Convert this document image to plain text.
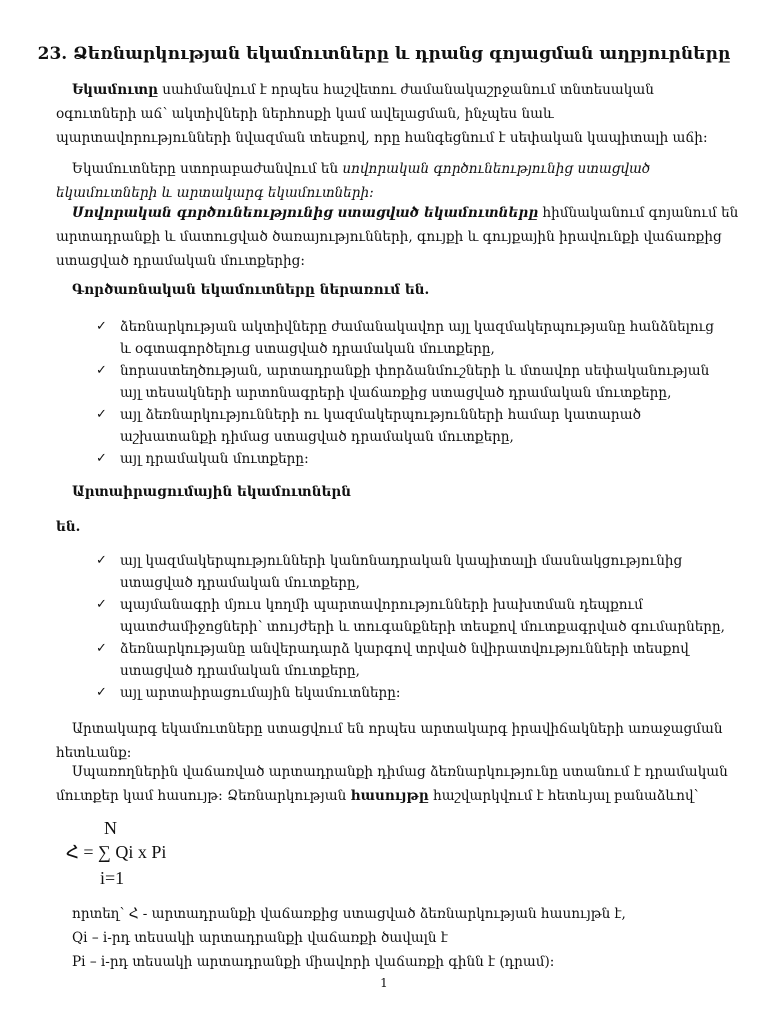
23. Ձեռնարկության եկամուտները և դրանց գոյացման աղբյուրները
Եկամուտը սահմանվում է որպես հաշվետու ժամանակաշրջանում տնտեսական
օգուտների աճ՝ ակտիվների ներհոսքի կամ ավելացման, ինչպես նաև
պարտավորությունների նվազման տեսքով, որը հանգեցնում է սեփական կապիտալի աճի:
Եկամուտները ստորաբաժանվում են սովորական գործունեությունից ստացված
եկամուտների և արտակարգ եկամուտների:
Սովորական գործունեությունից ստացված եկամուտները հիմնականում գոյանում են
արտադրանքի և մատուցված ծառայությունների, գույքի և գույքային իրավունքի վաճառքից
ստացված դրամական մուտքերից:
Գործառնական եկամուտները ներառում են.
✓ ձեռնարկության ակտիվները ժամանակավոր այլ կազմակերպությանը հանձնելուց
և օգտագործելուց ստացված դրամական մուտքերը,
✓ նորաստեղծության, արտադրանքի փորձանմուշների և մտավոր սեփականության
այլ տեսակների արտոնագրերի վաճառքից ստացված դրամական մուտքերը,
✓ այլ ձեռնարկությունների ու կազմակերպությունների համար կատարած
աշխատանքի դիմաց ստացված դրամական մուտքերը,
✓ այլ դրամական մուտքերը:
Արտաիրացումային եկամուտներն
են.
✓ այլ կազմակերպությունների կանոնադրական կապիտալի մասնակցությունից
ստացված դրամական մուտքերը,
✓ պայմանագրի մյուս կողմի պարտավորությունների խախտման դեպքում
պատժամիջոցների՝ տույժերի և տուգանքների տեսքով մուտքագրված գումարները,
✓ ձեռնարկությանը անվերադարձ կարգով տրված նվիրատվությունների տեսքով
ստացված դրամական մուտքերը,
✓ այլ արտաիրացումային եկամուտները:
Արտակարգ եկամուտները ստացվում են որպես արտակարգ իրավիճակների առաջացման
հետևանք:
Սպառողներին վաճառված արտադրանքի դիմաց ձեռնարկությունը ստանում է դրամական
մուտքեր կամ հասույթ: Ձեռնարկության հասույթը հաշվարկվում է հետևյալ բանաձևով՝
N
Հ = ∑ Qi x Pi
i=1
որտեղ՝ Հ - արտադրանքի վաճառքից ստացված ձեռնարկության հասույթն է,
Qi – i-րդ տեսակի արտադրանքի վաճառքի ծավալն է
Pi – i-րդ տեսակի արտադրանքի միավորի վաճառքի գինն է (դրամ):
1
